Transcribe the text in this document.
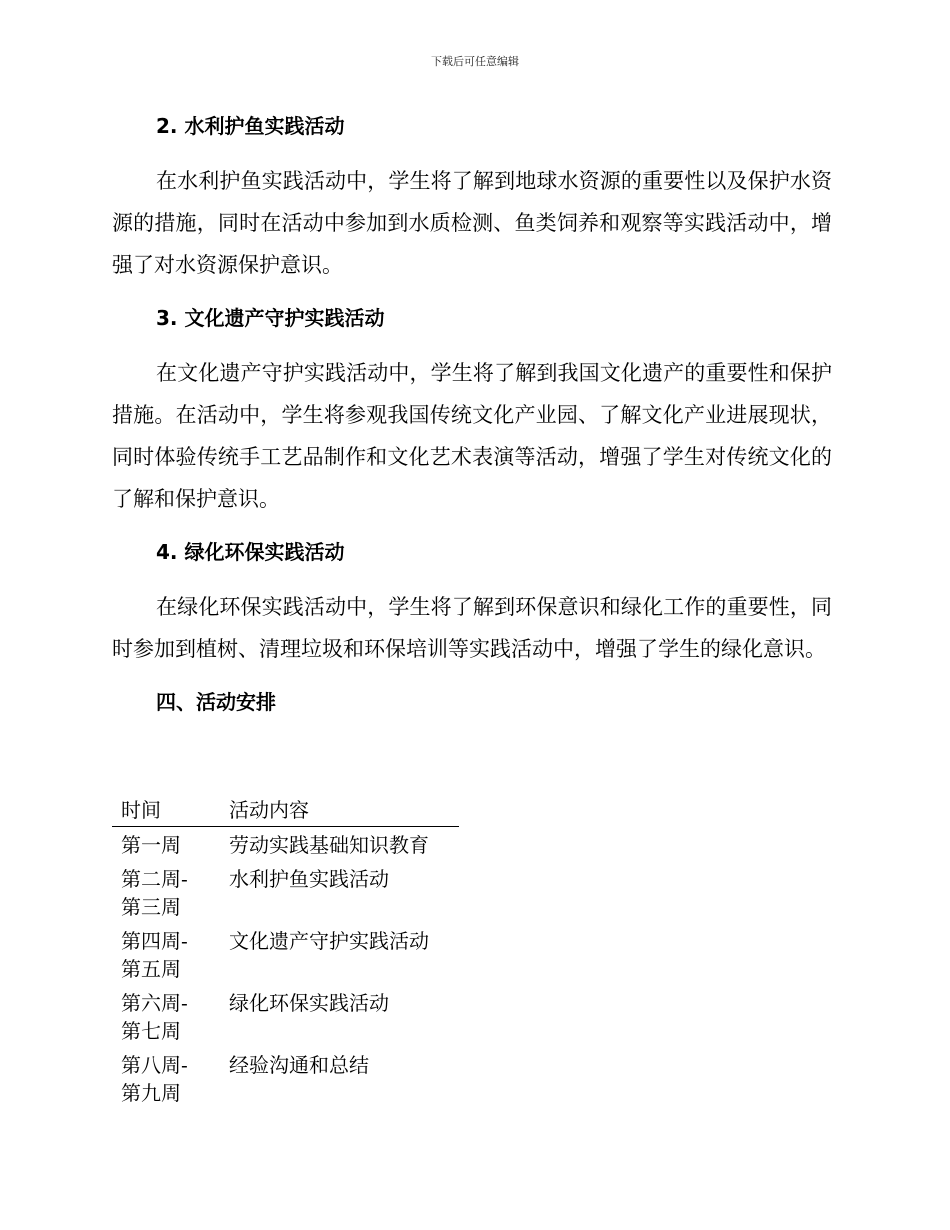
下载后可任意编辑
2. 水利护鱼实践活动

在水利护鱼实践活动中，学生将了解到地球水资源的重要性以及保护水资源的措施，同时在活动中参加到水质检测、鱼类饲养和观察等实践活动中，增强了对水资源保护意识。

3. 文化遗产守护实践活动

在文化遗产守护实践活动中，学生将了解到我国文化遗产的重要性和保护措施。在活动中，学生将参观我国传统文化产业园、了解文化产业进展现状，同时体验传统手工艺品制作和文化艺术表演等活动，增强了学生对传统文化的了解和保护意识。

4. 绿化环保实践活动

在绿化环保实践活动中，学生将了解到环保意识和绿化工作的重要性，同时参加到植树、清理垃圾和环保培训等实践活动中，增强了学生的绿化意识。

四、活动安排
时间	活动内容

第一周	劳动实践基础知识教育

第二周-第三周	水利护鱼实践活动

第四周-第五周	文化遗产守护实践活动

第六周-第七周	绿化环保实践活动

第八周-第九周	经验沟通和总结
